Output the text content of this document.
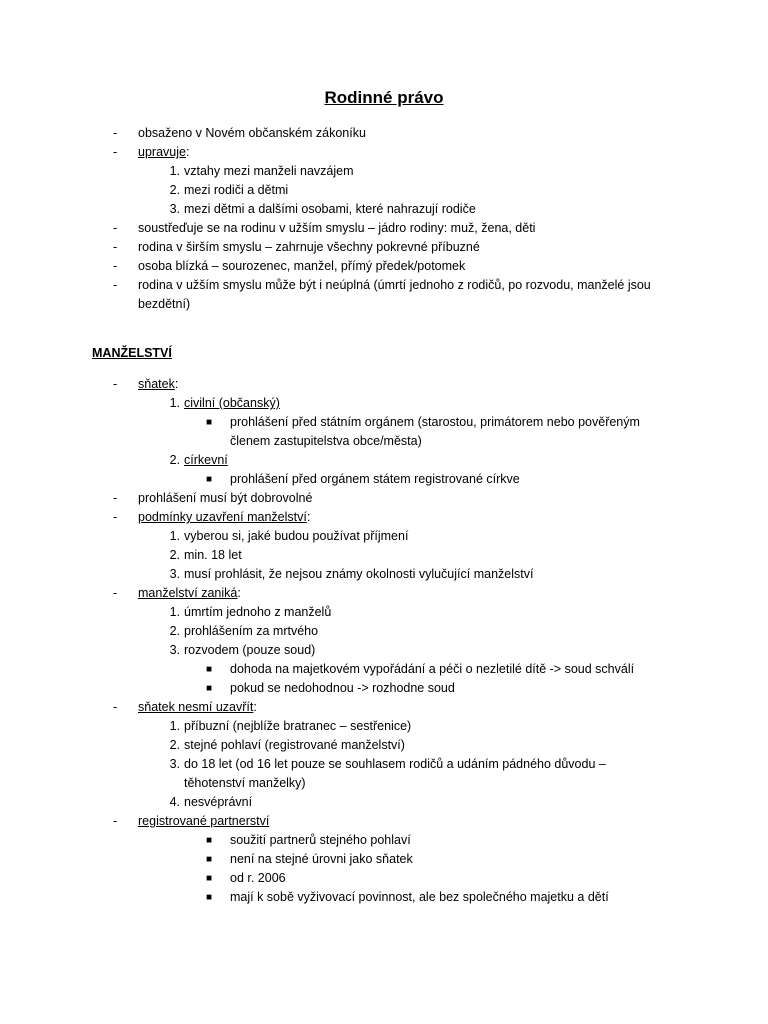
Rodinné právo
-	obsaženo v Novém občanském zákoníku
-	upravuje:
1. vztahy mezi manželi navzájem
2. mezi rodiči a dětmi
3. mezi dětmi a dalšími osobami, které nahrazují rodiče
-	soustřeďuje se na rodinu v užším smyslu – jádro rodiny: muž, žena, děti
-	rodina v širším smyslu – zahrnuje všechny pokrevné příbuzné
-	osoba blízká – sourozenec, manžel, přímý předek/potomek
-	rodina v užším smyslu může být i neúplná (úmrtí jednoho z rodičů, po rozvodu, manželé jsou
bezdětní)
MANŽELSTVÍ
-	sňatek:
1. civilní (občanský)
■ prohlášení před státním orgánem (starostou, primátorem nebo pověřeným
členem zastupitelstva obce/města)
2. církevní
■ prohlášení před orgánem státem registrované církve
-	prohlášení musí být dobrovolné
-	podmínky uzavření manželství:
1. vyberou si, jaké budou používat příjmení
2. min. 18 let
3. musí prohlásit, že nejsou známy okolnosti vylučující manželství
-	manželství zaniká:
1. úmrtím jednoho z manželů
2. prohlášením za mrtvého
3. rozvodem (pouze soud)
■ dohoda na majetkovém vypořádání a péči o nezletilé dítě -> soud schválí
■ pokud se nedohodnou -> rozhodne soud
-	sňatek nesmí uzavřít:
1. příbuzní (nejblíže bratranec – sestřenice)
2. stejné pohlaví (registrované manželství)
3. do 18 let (od 16 let pouze se souhlasem rodičů a udáním pádného důvodu –
těhotenství manželky)
4. nesvéprávní
-	registrované partnerství
■ soužití partnerů stejného pohlaví
■ není na stejné úrovni jako sňatek
■ od r. 2006
■ mají k sobě vyživovací povinnost, ale bez společného majetku a dětí
